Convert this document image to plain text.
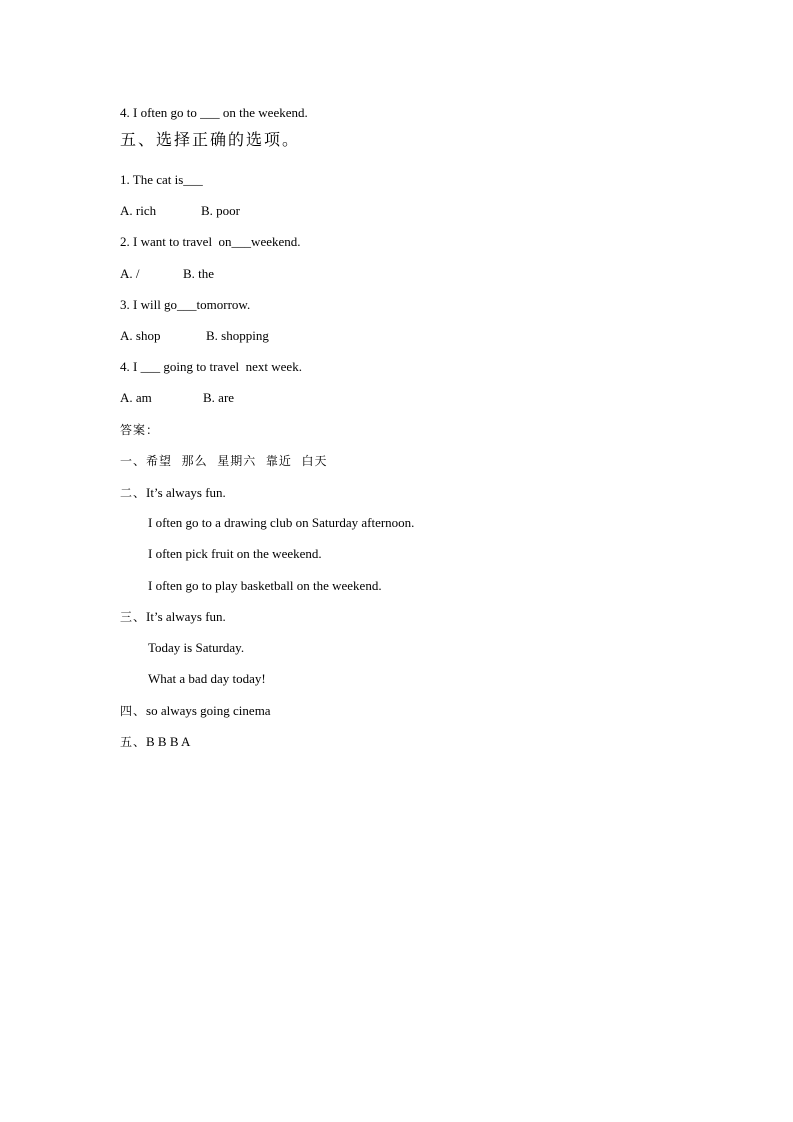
4. I often go to ___ on the weekend.
五、选择正确的选项。
1. The cat is___

A. rich

	B. poor

2. I want to travel  on___weekend.

A. /

	B. the

3. I will go___tomorrow.

A. shop

	B. shopping

4. I ___ going to travel  next week.

A. am

	B. are

答案：
一、希望  那么  星期六  靠近  白天
二、It’s always fun.
I often go to a drawing club on Saturday afternoon.
I often pick fruit on the weekend.
I often go to play basketball on the weekend.
三、It’s always fun.
Today is Saturday.
What a bad day today!
四、so always going cinema
五、B B B A
